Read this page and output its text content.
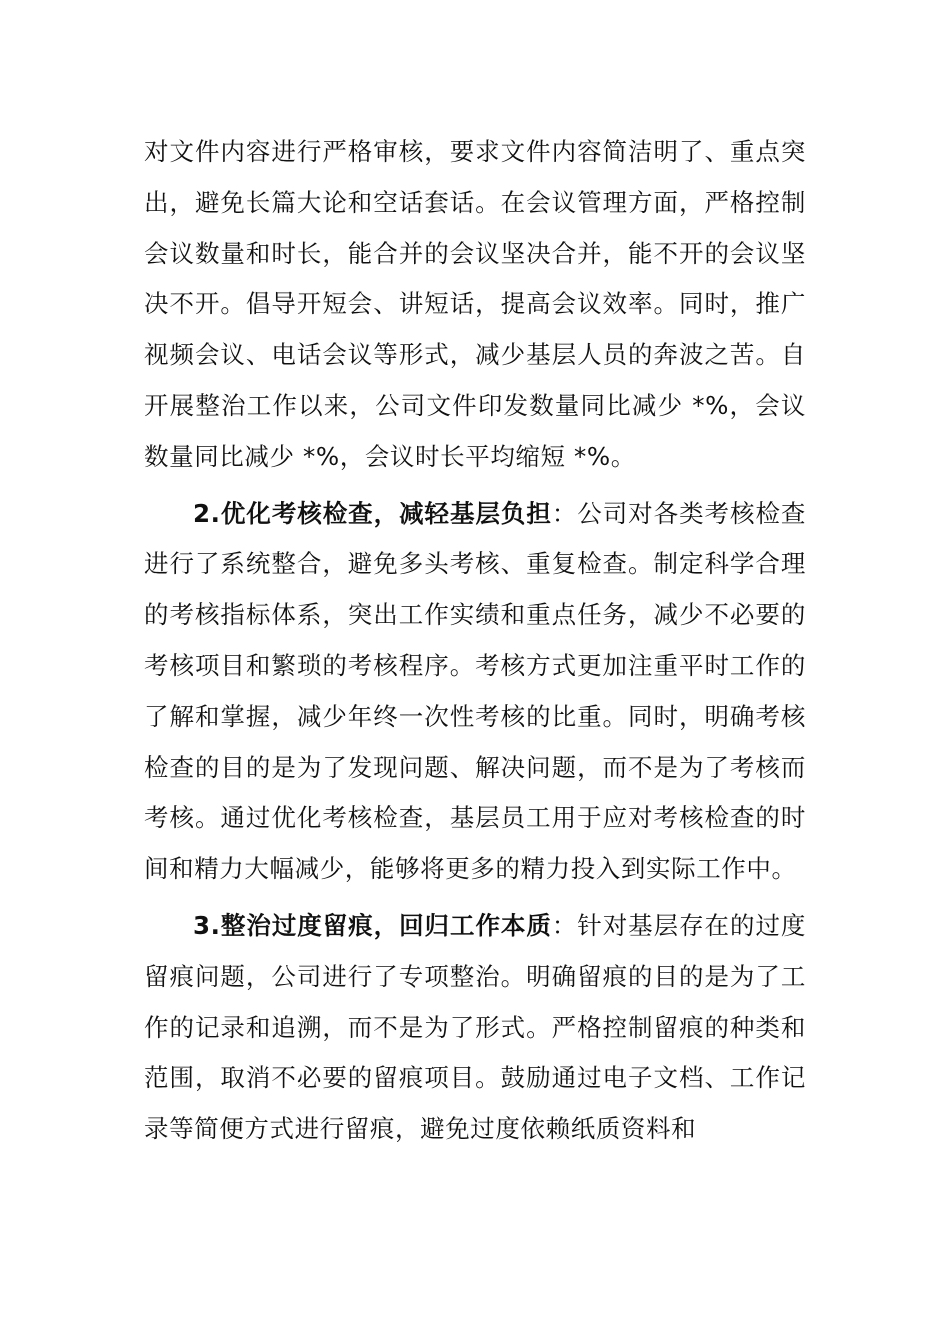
对文件内容进行严格审核，要求文件内容简洁明了、重点突出，避免长篇大论和空话套话。在会议管理方面，严格控制会议数量和时长，能合并的会议坚决合并，能不开的会议坚决不开。倡导开短会、讲短话，提高会议效率。同时，推广视频会议、电话会议等形式，减少基层人员的奔波之苦。自开展整治工作以来，公司文件印发数量同比减少 *%，会议数量同比减少 *%，会议时长平均缩短 *%。

2.优化考核检查，减轻基层负担：公司对各类考核检查进行了系统整合，避免多头考核、重复检查。制定科学合理的考核指标体系，突出工作实绩和重点任务，减少不必要的考核项目和繁琐的考核程序。考核方式更加注重平时工作的了解和掌握，减少年终一次性考核的比重。同时，明确考核检查的目的是为了发现问题、解决问题，而不是为了考核而考核。通过优化考核检查，基层员工用于应对考核检查的时间和精力大幅减少，能够将更多的精力投入到实际工作中。

3.整治过度留痕，回归工作本质：针对基层存在的过度留痕问题，公司进行了专项整治。明确留痕的目的是为了工作的记录和追溯，而不是为了形式。严格控制留痕的种类和范围，取消不必要的留痕项目。鼓励通过电子文档、工作记录等简便方式进行留痕，避免过度依赖纸质资料和
